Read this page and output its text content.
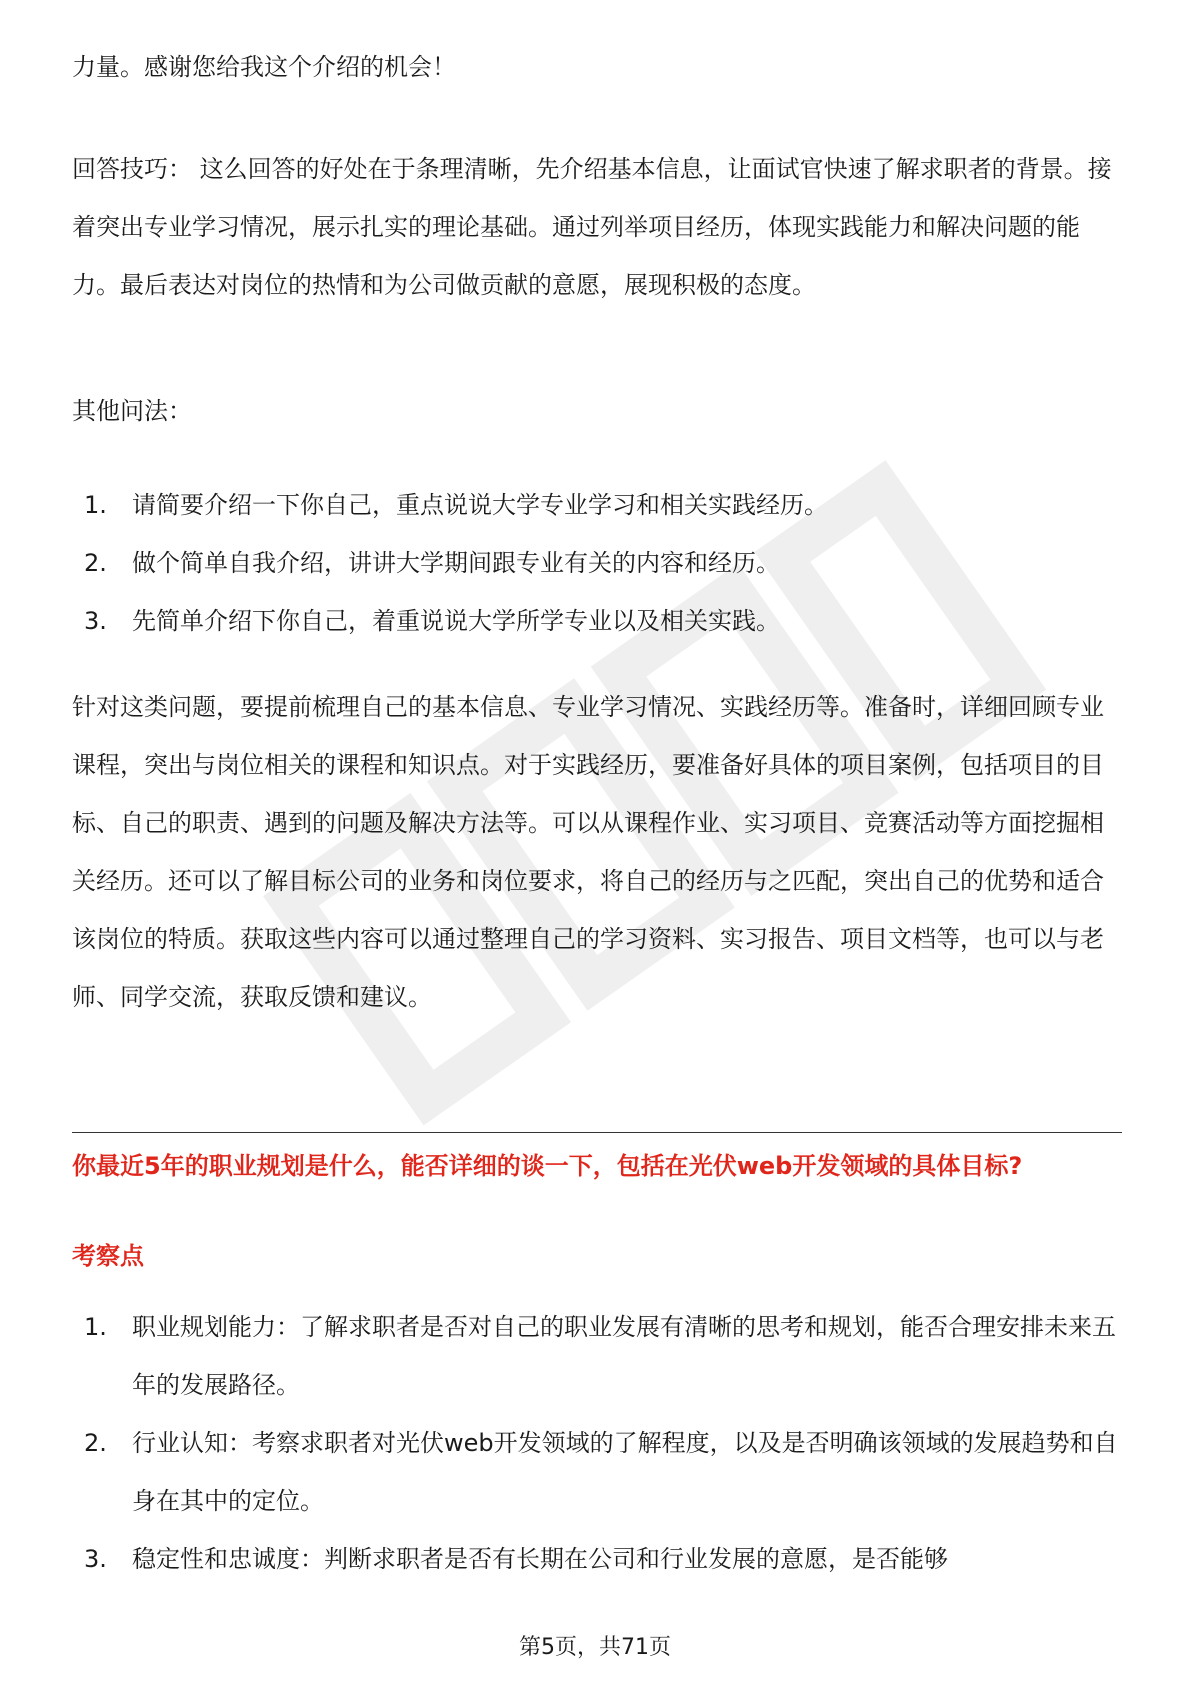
力量。感谢您给我这个介绍的机会！

回答技巧： 这么回答的好处在于条理清晰，先介绍基本信息，让面试官快速了解求职者的背景。接着突出专业学习情况，展示扎实的理论基础。通过列举项目经历，体现实践能力和解决问题的能力。最后表达对岗位的热情和为公司做贡献的意愿，展现积极的态度。

其他问法：

1.	请简要介绍一下你自己，重点说说大学专业学习和相关实践经历。
2.	做个简单自我介绍，讲讲大学期间跟专业有关的内容和经历。
3.	先简单介绍下你自己，着重说说大学所学专业以及相关实践。

针对这类问题，要提前梳理自己的基本信息、专业学习情况、实践经历等。准备时，详细回顾专业课程，突出与岗位相关的课程和知识点。对于实践经历，要准备好具体的项目案例，包括项目的目标、自己的职责、遇到的问题及解决方法等。可以从课程作业、实习项目、竞赛活动等方面挖掘相关经历。还可以了解目标公司的业务和岗位要求，将自己的经历与之匹配，突出自己的优势和适合该岗位的特质。获取这些内容可以通过整理自己的学习资料、实习报告、项目文档等，也可以与老师、同学交流，获取反馈和建议。

你最近5年的职业规划是什么，能否详细的谈一下，包括在光伏web开发领域的具体目标?
考察点
1.	职业规划能力：了解求职者是否对自己的职业发展有清晰的思考和规划，能否合理安排未来五年的发展路径。
2.	行业认知：考察求职者对光伏web开发领域的了解程度，以及是否明确该领域的发展趋势和自身在其中的定位。
3.	稳定性和忠诚度：判断求职者是否有长期在公司和行业发展的意愿，是否能够
第5页，共71页
